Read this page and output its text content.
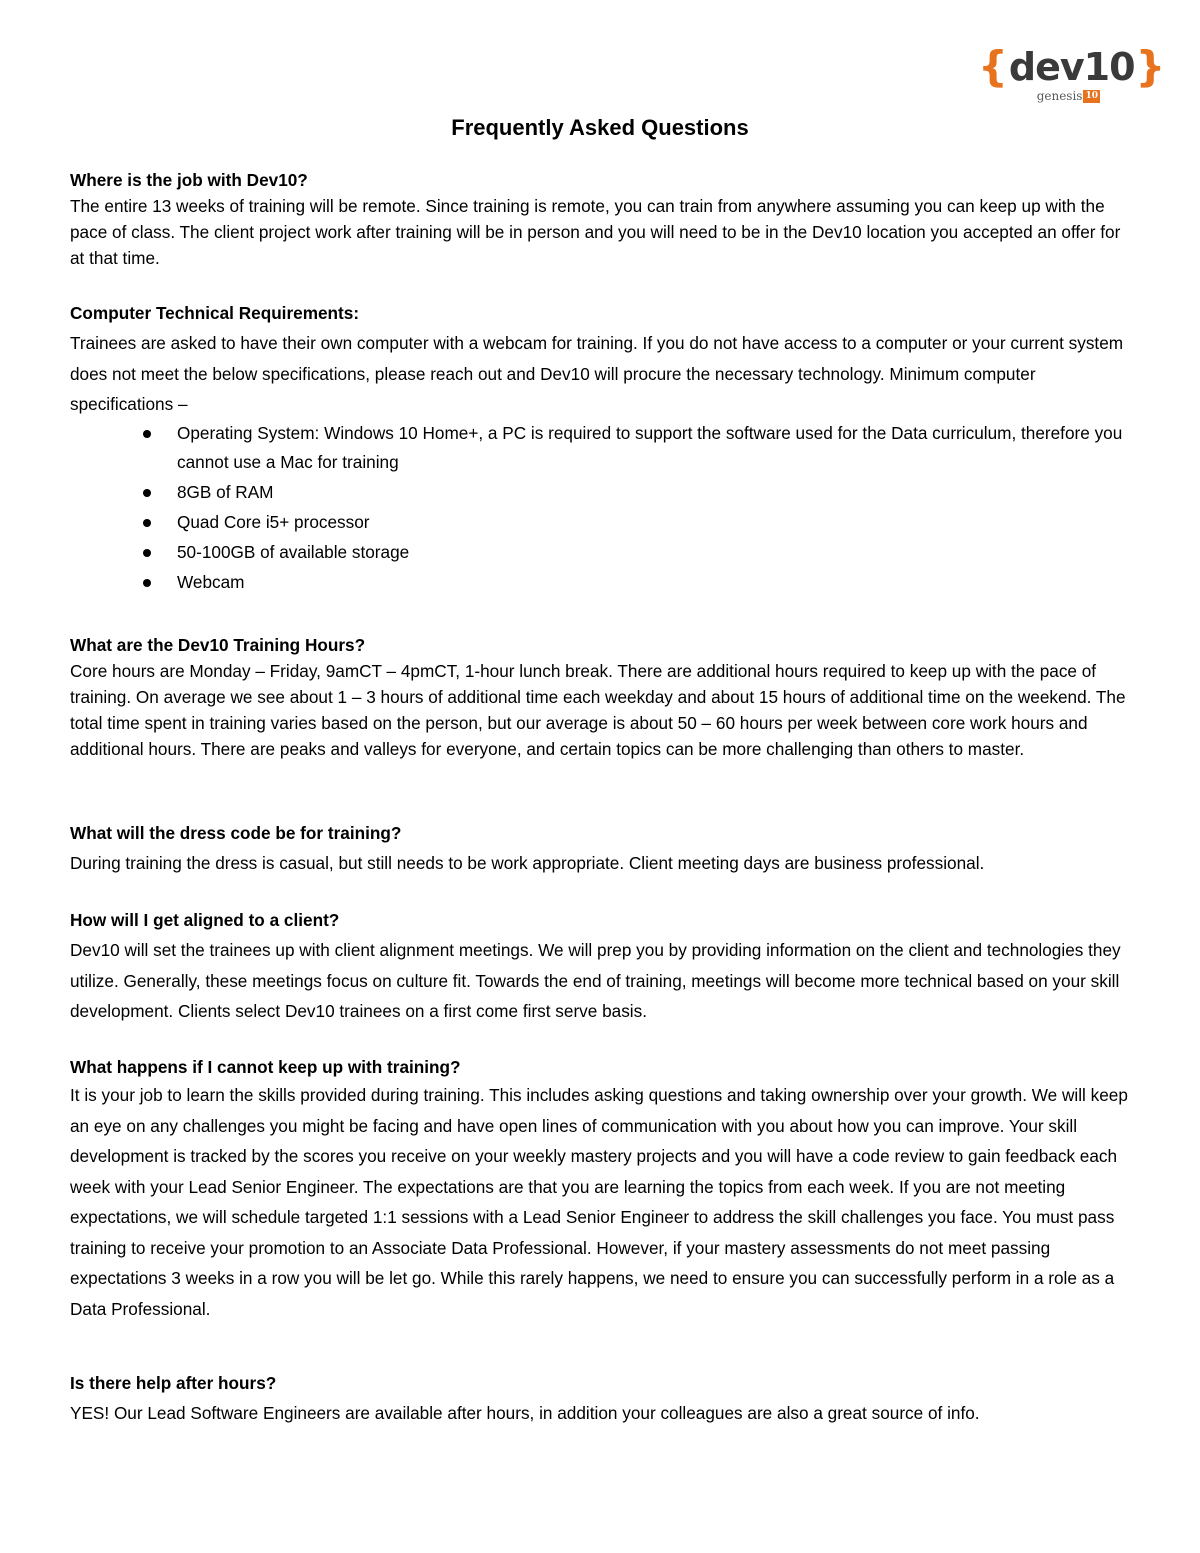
{ dev10 }
genesis 10
Frequently Asked Questions
Where is the job with Dev10?
The entire 13 weeks of training will be remote. Since training is remote, you can train from anywhere assuming you can keep up with the pace of class. The client project work after training will be in person and you will need to be in the Dev10 location you accepted an offer for at that time.
Computer Technical Requirements:
Trainees are asked to have their own computer with a webcam for training. If you do not have access to a computer or your current system does not meet the below specifications, please reach out and Dev10 will procure the necessary technology. Minimum computer specifications –
Operating System: Windows 10 Home+, a PC is required to support the software used for the Data curriculum, therefore you cannot use a Mac for training
8GB of RAM
Quad Core i5+ processor
50-100GB of available storage
Webcam
What are the Dev10 Training Hours?
Core hours are Monday – Friday, 9amCT – 4pmCT, 1-hour lunch break. There are additional hours required to keep up with the pace of training. On average we see about 1 – 3 hours of additional time each weekday and about 15 hours of additional time on the weekend. The total time spent in training varies based on the person, but our average is about 50 – 60 hours per week between core work hours and additional hours. There are peaks and valleys for everyone, and certain topics can be more challenging than others to master.
What will the dress code be for training?
During training the dress is casual, but still needs to be work appropriate. Client meeting days are business professional.
How will I get aligned to a client?
Dev10 will set the trainees up with client alignment meetings. We will prep you by providing information on the client and technologies they utilize. Generally, these meetings focus on culture fit. Towards the end of training, meetings will become more technical based on your skill development. Clients select Dev10 trainees on a first come first serve basis.
What happens if I cannot keep up with training?
It is your job to learn the skills provided during training. This includes asking questions and taking ownership over your growth. We will keep an eye on any challenges you might be facing and have open lines of communication with you about how you can improve. Your skill development is tracked by the scores you receive on your weekly mastery projects and you will have a code review to gain feedback each week with your Lead Senior Engineer. The expectations are that you are learning the topics from each week. If you are not meeting expectations, we will schedule targeted 1:1 sessions with a Lead Senior Engineer to address the skill challenges you face. You must pass training to receive your promotion to an Associate Data Professional. However, if your mastery assessments do not meet passing expectations 3 weeks in a row you will be let go. While this rarely happens, we need to ensure you can successfully perform in a role as a Data Professional.
Is there help after hours?
YES! Our Lead Software Engineers are available after hours, in addition your colleagues are also a great source of info.
